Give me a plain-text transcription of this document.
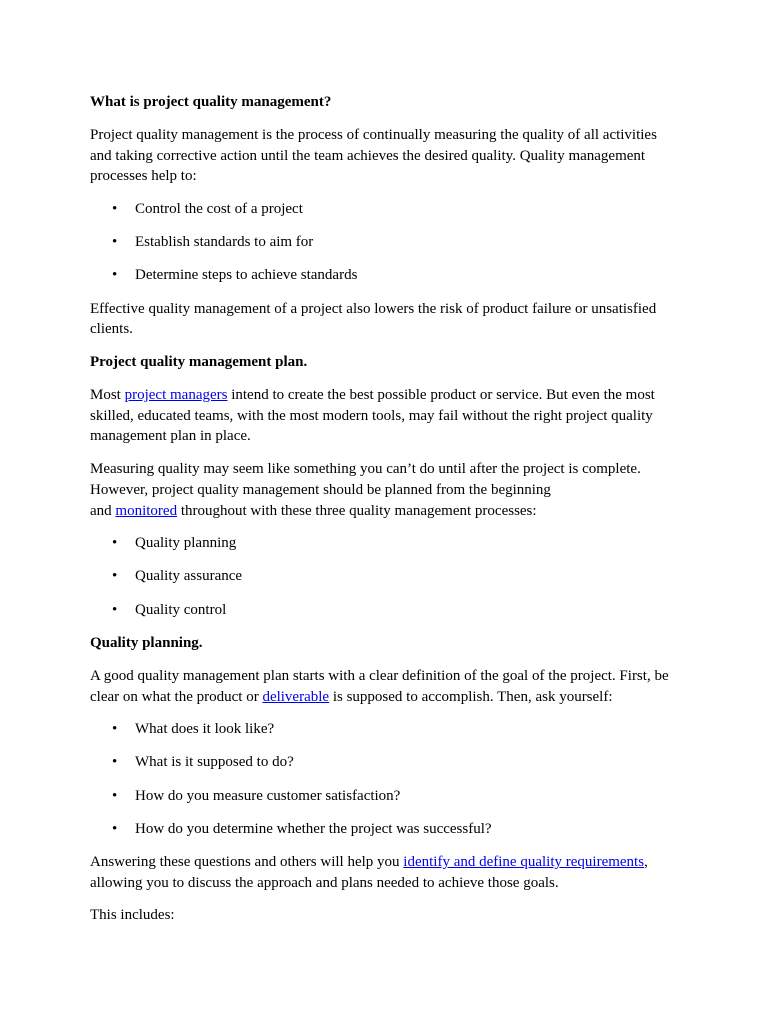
What is project quality management?

Project quality management is the process of continually measuring the quality of all activities and taking corrective action until the team achieves the desired quality. Quality management processes help to:

• Control the cost of a project
• Establish standards to aim for
• Determine steps to achieve standards

Effective quality management of a project also lowers the risk of product failure or unsatisfied clients.

Project quality management plan.

Most project managers intend to create the best possible product or service. But even the most skilled, educated teams, with the most modern tools, may fail without the right project quality management plan in place.

Measuring quality may seem like something you can’t do until after the project is complete. However, project quality management should be planned from the beginning
and monitored throughout with these three quality management processes:

• Quality planning
• Quality assurance
• Quality control
Quality planning.

A good quality management plan starts with a clear definition of the goal of the project. First, be clear on what the product or deliverable is supposed to accomplish. Then, ask yourself:

• What does it look like?
• What is it supposed to do?
• How do you measure customer satisfaction?
• How do you determine whether the project was successful?

Answering these questions and others will help you identify and define quality requirements, allowing you to discuss the approach and plans needed to achieve those goals.

This includes:
